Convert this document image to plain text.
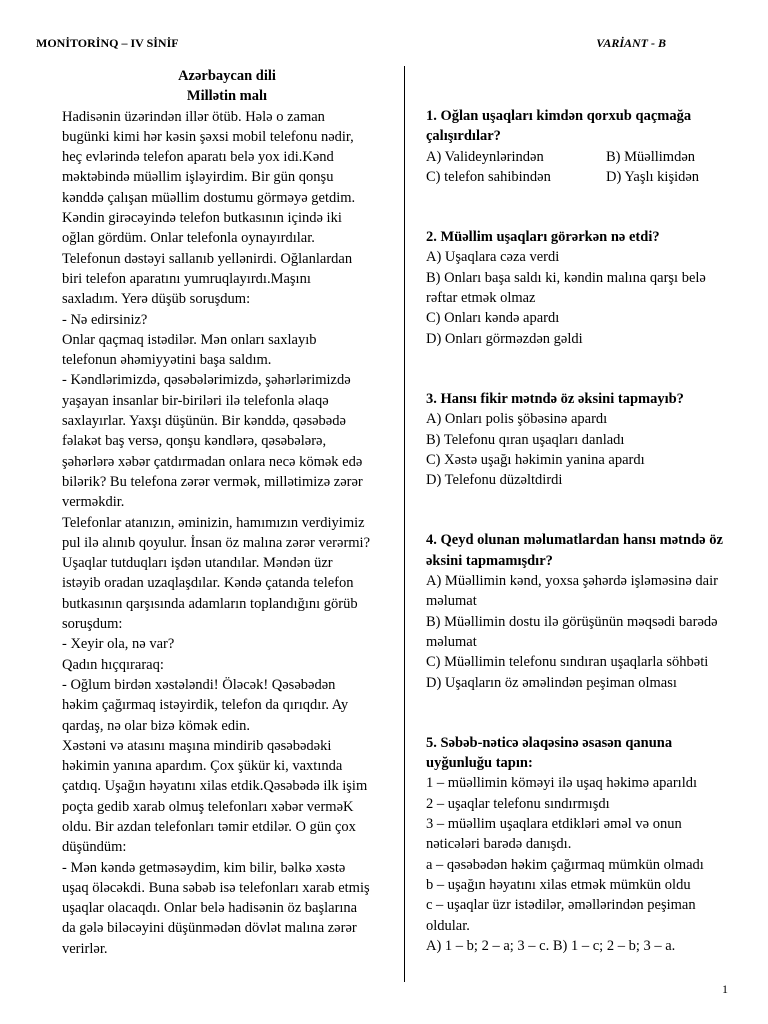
MONİTORİNQ – IV SİNİF	VARİANT - B
Azərbaycan dili
Millətin malı
Hadisənin üzərindən illər ötüb. Hələ o zaman
bugünki kimi hər kəsin şəxsi mobil telefonu nədir,
heç evlərində telefon aparatı belə yox idi.Kənd
məktəbində müəllim işləyirdim. Bir gün qonşu
kənddə çalışan müəllim dostumu görməyə getdim.
Kəndin girəcəyində telefon butkasının içində iki
oğlan gördüm. Onlar telefonla oynayırdılar.
Telefonun dəstəyi sallanıb yellənirdi. Oğlanlardan
biri telefon aparatını yumruqlayırdı.Maşını
saxladım. Yerə düşüb soruşdum:
- Nə edirsiniz?
Onlar qaçmaq istədilər. Mən onları saxlayıb
telefonun əhəmiyyətini başa saldım.
- Kəndlərimizdə, qəsəbələrimizdə, şəhərlərimizdə
yaşayan insanlar bir-biriləri ilə telefonla əlaqə
saxlayırlar. Yaxşı düşünün. Bir kənddə, qəsəbədə
fəlakət baş versə, qonşu kəndlərə, qəsəbələrə,
şəhərlərə xəbər çatdırmadan onlara necə kömək edə
bilərik? Bu telefona zərər vermək, millətimizə zərər
verməkdir.
Telefonlar atanızın, əminizin, hamımızın verdiyimiz
pul ilə alınıb qoyulur. İnsan öz malına zərər verərmi?
Uşaqlar tutduqları işdən utandılar. Məndən üzr
istəyib oradan uzaqlaşdılar. Kəndə çatanda telefon
butkasının qarşısında adamların toplandığını görüb
soruşdum:
- Xeyir ola, nə var?
Qadın hıçqıraraq:
- Oğlum birdən xəstələndi! Öləcək! Qəsəbədən
həkim çağırmaq istəyirdik, telefon da qırıqdır. Ay
qardaş, nə olar bizə kömək edin.
Xəstəni və atasını maşına mindirib qəsəbədəki
həkimin yanına apardım. Çox şükür ki, vaxtında
çatdıq. Uşağın həyatını xilas etdik.Qəsəbədə ilk işim
poçta gedib xarab olmuş telefonları xəbər verməK
oldu. Bir azdan telefonları təmir etdilər. O gün çox
düşündüm:
- Mən kəndə getməsəydim, kim bilir, bəlkə xəstə
uşaq öləcəkdi. Buna səbəb isə telefonları xarab etmiş
uşaqlar olacaqdı. Onlar belə hadisənin öz başlarına
da gələ biləcəyini düşünmədən dövlət malına zərər
verirlər.
1. Oğlan uşaqları kimdən qorxub qaçmağa çalışırdılar?
A) Valideynlərindən	B) Müəllimdən
C) telefon sahibindən	D) Yaşlı kişidən
2. Müəllim uşaqları görərkən nə etdi?
A) Uşaqlara cəza verdi
B) Onları başa saldı ki, kəndin malına qarşı belə rəftar etmək olmaz
C) Onları kəndə apardı
D) Onları görməzdən gəldi
3. Hansı fikir mətndə öz əksini tapmayıb?
A) Onları polis şöbəsinə apardı
B) Telefonu qıran uşaqları danladı
C) Xəstə uşağı həkimin yanina apardı
D) Telefonu düzəltdirdi
4. Qeyd olunan məlumatlardan hansı mətndə öz əksini tapmamışdır?
A) Müəllimin kənd, yoxsa şəhərdə işləməsinə dair məlumat
B) Müəllimin dostu ilə görüşünün məqsədi barədə məlumat
C) Müəllimin telefonu sındıran uşaqlarla söhbəti
D) Uşaqların öz əməlindən peşiman olması
5. Səbəb-nəticə əlaqəsinə əsasən qanuna uyğunluğu tapın:
1 – müəllimin köməyi ilə uşaq həkimə aparıldı
2 – uşaqlar telefonu sındırmışdı
3 – müəllim uşaqlara etdikləri əməl və onun nəticələri barədə danışdı.
a – qəsəbədən həkim çağırmaq mümkün olmadı
b – uşağın həyatını xilas etmək mümkün oldu
c – uşaqlar üzr istədilər, əməllərindən peşiman oldular.
A) 1 – b; 2 – a; 3 – c. B) 1 – c; 2 – b; 3 – a.
1
